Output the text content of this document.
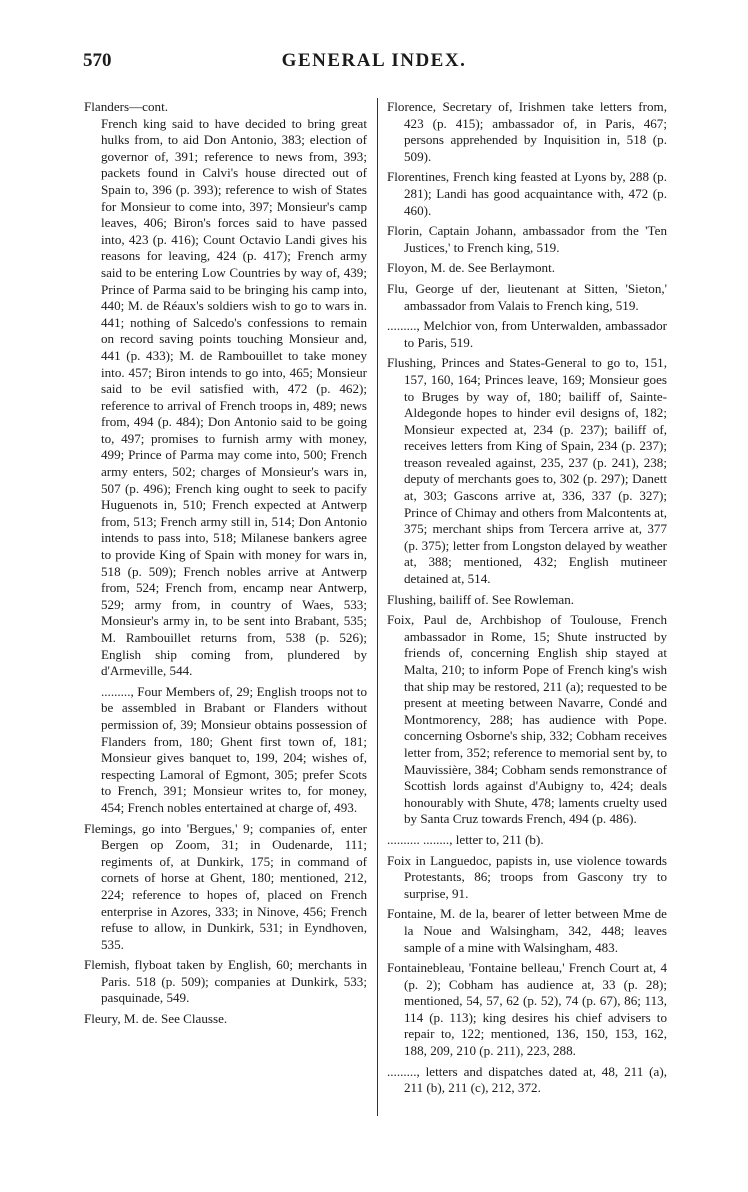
570	GENERAL INDEX.

Flanders—cont.

French king said to have decided to bring great hulks from, to aid Don Antonio, 383; election of governor of, 391; reference to news from, 393; packets found in Calvi's house directed out of Spain to, 396 (p. 393); reference to wish of States for Monsieur to come into, 397; Monsieur's camp leaves, 406; Biron's forces said to have passed into, 423 (p. 416); Count Octavio Landi gives his reasons for leaving, 424 (p. 417); French army said to be entering Low Countries by way of, 439; Prince of Parma said to be bringing his camp into, 440; M. de Réaux's soldiers wish to go to wars in. 441; nothing of Salcedo's confessions to remain on record saving points touching Monsieur and, 441 (p. 433); M. de Rambouillet to take money into. 457; Biron intends to go into, 465; Monsieur said to be evil satisfied with, 472 (p. 462); reference to arrival of French troops in, 489; news from, 494 (p. 484); Don Antonio said to be going to, 497; promises to furnish army with money, 499; Prince of Parma may come into, 500; French army enters, 502; charges of Monsieur's wars in, 507 (p. 496); French king ought to seek to pacify Huguenots in, 510; French expected at Antwerp from, 513; French army still in, 514; Don Antonio intends to pass into, 518; Milanese bankers agree to provide King of Spain with money for wars in, 518 (p. 509); French nobles arrive at Antwerp from, 524; French from, encamp near Antwerp, 529; army from, in country of Waes, 533; Monsieur's army in, to be sent into Brabant, 535; M. Rambouillet returns from, 538 (p. 526); English ship coming from, plundered by d'Armeville, 544.

........., Four Members of, 29; English troops not to be assembled in Brabant or Flanders without permission of, 39; Monsieur obtains possession of Flanders from, 180; Ghent first town of, 181; Monsieur gives banquet to, 199, 204; wishes of, respecting Lamoral of Egmont, 305; prefer Scots to French, 391; Monsieur writes to, for money, 454; French nobles entertained at charge of, 493.

Flemings, go into 'Bergues,' 9; companies of, enter Bergen op Zoom, 31; in Oudenarde, 111; regiments of, at Dunkirk, 175; in command of cornets of horse at Ghent, 180; mentioned, 212, 224; reference to hopes of, placed on French enterprise in Azores, 333; in Ninove, 456; French refuse to allow, in Dunkirk, 531; in Eyndhoven, 535.

Flemish, flyboat taken by English, 60; merchants in Paris. 518 (p. 509); companies at Dunkirk, 533; pasquinade, 549.

Fleury, M. de. See Clausse.

Florence, Secretary of, Irishmen take letters from, 423 (p. 415); ambassador of, in Paris, 467; persons apprehended by Inquisition in, 518 (p. 509).

Florentines, French king feasted at Lyons by, 288 (p. 281); Landi has good acquaintance with, 472 (p. 460).

Florin, Captain Johann, ambassador from the 'Ten Justices,' to French king, 519.

Floyon, M. de. See Berlaymont.

Flu, George uf der, lieutenant at Sitten, 'Sieton,' ambassador from Valais to French king, 519.

........., Melchior von, from Unterwalden, ambassador to Paris, 519.

Flushing, Princes and States-General to go to, 151, 157, 160, 164; Princes leave, 169; Monsieur goes to Bruges by way of, 180; bailiff of, Sainte-Aldegonde hopes to hinder evil designs of, 182; Monsieur expected at, 234 (p. 237); bailiff of, receives letters from King of Spain, 234 (p. 237); treason revealed against, 235, 237 (p. 241), 238; deputy of merchants goes to, 302 (p. 297); Danett at, 303; Gascons arrive at, 336, 337 (p. 327); Prince of Chimay and others from Malcontents at, 375; merchant ships from Tercera arrive at, 377 (p. 375); letter from Longston delayed by weather at, 388; mentioned, 432; English mutineer detained at, 514.

Flushing, bailiff of. See Rowleman.

Foix, Paul de, Archbishop of Toulouse, French ambassador in Rome, 15; Shute instructed by friends of, concerning English ship stayed at Malta, 210; to inform Pope of French king's wish that ship may be restored, 211 (a); requested to be present at meeting between Navarre, Condé and Montmorency, 288; has audience with Pope. concerning Osborne's ship, 332; Cobham receives letter from, 352; reference to memorial sent by, to Mauvissière, 384; Cobham sends remonstrance of Scottish lords against d'Aubigny to, 424; deals honourably with Shute, 478; laments cruelty used by Santa Cruz towards French, 494 (p. 486).

.......... ........, letter to, 211 (b).

Foix in Languedoc, papists in, use violence towards Protestants, 86; troops from Gascony try to surprise, 91.

Fontaine, M. de la, bearer of letter between Mme de la Noue and Walsingham, 342, 448; leaves sample of a mine with Walsingham, 483.

Fontainebleau, 'Fontaine belleau,' French Court at, 4 (p. 2); Cobham has audience at, 33 (p. 28); mentioned, 54, 57, 62 (p. 52), 74 (p. 67), 86; 113, 114 (p. 113); king desires his chief advisers to repair to, 122; mentioned, 136, 150, 153, 162, 188, 209, 210 (p. 211), 223, 288.

........., letters and dispatches dated at, 48, 211 (a), 211 (b), 211 (c), 212, 372.
